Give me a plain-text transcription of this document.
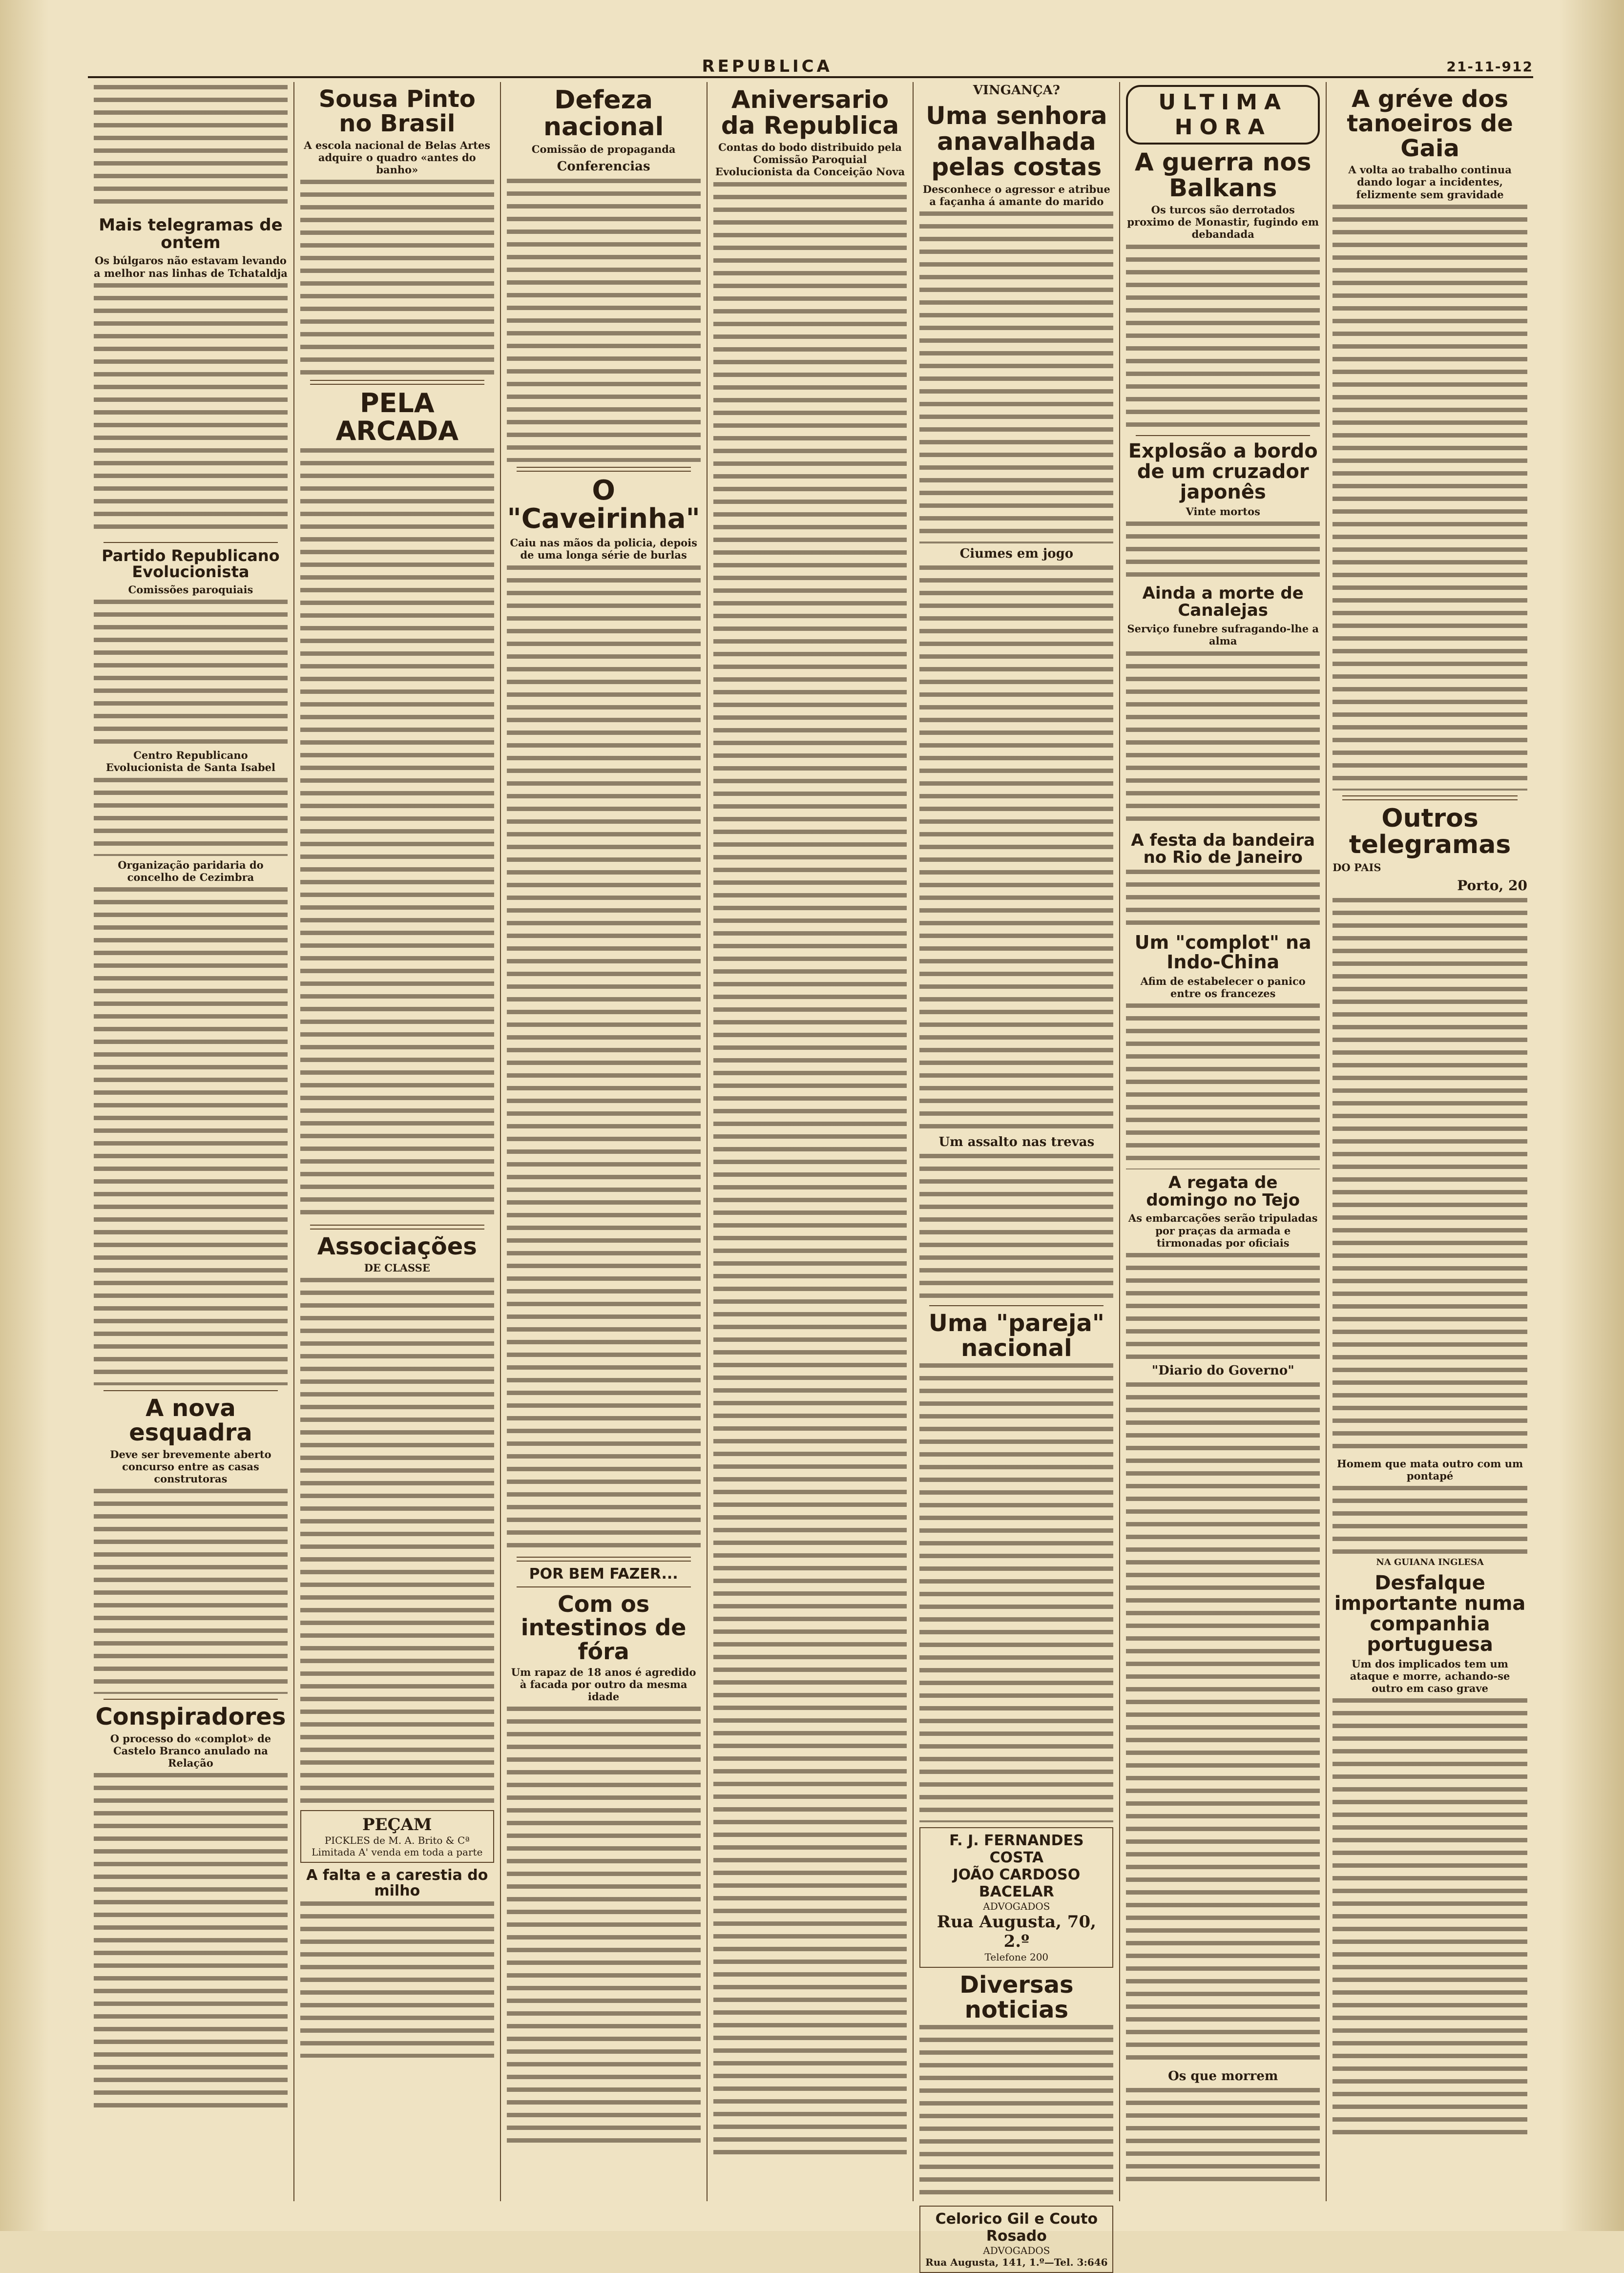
REPUBLICA	21-11-912
Mais telegramas de ontem
Os búlgaros não estavam levando a melhor nas linhas de Tchataldja
Partido Republicano Evolucionista
Comissões paroquiais
Centro Republicano Evolucionista de Santa Isabel
Organização paridaria do concelho de Cezimbra
A nova esquadra
Deve ser brevemente aberto concurso entre as casas construtoras
Conspiradores
O processo do «complot» de Castelo Branco anulado na Relação
Sousa Pinto no Brasil
A escola nacional de Belas Artes adquire o quadro «antes do banho»
PELA ARCADA
Associações
DE CLASSE
PEÇAM
PICKLES de M. A. Brito & Cª Limitada A' venda em toda a parte
A falta e a carestia do milho
Defeza nacional
Comissão de propaganda
Conferencias
O "Caveirinha"
Caiu nas mãos da policia, depois de uma longa série de burlas
POR BEM FAZER...
Com os intestinos de fóra
Um rapaz de 18 anos é agredido à facada por outro da mesma idade
Aniversario da Republica
Contas do bodo distribuido pela Comissão Paroquial Evolucionista da Conceição Nova
VINGANÇA?
Uma senhora anavalhada pelas costas
Desconhece o agressor e atribue a façanha á amante do marido
Ciumes em jogo
Um assalto nas trevas
Uma "pareja" nacional
F. J. FERNANDES COSTA
JOÃO CARDOSO BACELAR
ADVOGADOS
Rua Augusta, 70, 2.º
Telefone 200
Diversas noticias
Celorico Gil e Couto Rosado
ADVOGADOS
Rua Augusta, 141, 1.º—Tel. 3:646
ULTIMA HORA
A guerra nos Balkans
Os turcos são derrotados proximo de Monastir, fugindo em debandada
Explosão a bordo de um cruzador japonês
Vinte mortos
Ainda a morte de Canalejas
Serviço funebre sufragando-lhe a alma
A festa da bandeira no Rio de Janeiro
Um "complot" na Indo-China
Afim de estabelecer o panico entre os francezes
A regata de domingo no Tejo
As embarcações serão tripuladas por praças da armada e tirmonadas por oficiais
"Diario do Governo"
Os que morrem
A gréve dos tanoeiros de Gaia
A volta ao trabalho continua dando logar a incidentes, felizmente sem gravidade
Outros telegramas
DO PAIS
Porto, 20
Homem que mata outro com um pontapé
NA GUIANA INGLESA
Desfalque importante numa companhia portuguesa
Um dos implicados tem um ataque e morre, achando-se outro em caso grave
